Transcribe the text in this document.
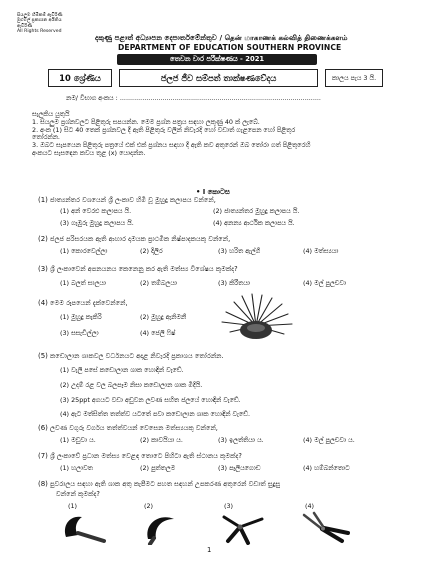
සියලුම හිමිකම් ඇවිරිණි
මුළුමල් ප්‍රකාශන අයිතිය ඇවිරිණි
All Rights Reserved
දකුණු පළාත් අධ්‍යාපන දෙපාර්තමේන්තුව / தென் மாகாணக் கல்வித் திணைக்களம்
DEPARTMENT OF EDUCATION SOUTHERN PROVINCE
තෙවන වාර පරීක්ෂණය - 2021
10 ශ්‍රේණිය	ජලජ ජීව සම්පත් තාක්ෂණවේදය	කාලය පැය 3 යි.
නම/ විභාග අංකය : ...................................................................................................
සැලකිය යුතුයි
1. සියලුම ප්‍රශ්නවලට පිළිතුරු සපයන්න. මෙම ප්‍රශ්න පත්‍රය සඳහා ලකුණු 40 ක් ලැබේ.
2. අංක (1) සිට 40 තෙක් ප්‍රශ්නවල දී ඇති පිළිතුරු වලින් නිවැරදි හෝ වඩාත් ගැළපෙන හෝ පිළිතුර
තෝරන්න.
3. ඔබට සැපයෙන පිළිතුරු පත්‍රයේ එක් එක් ප්‍රශ්නය සඳහා දී ඇති කව අතුරෙන් ඔබ තෝරා ගත් පිළිතුරෙහි
අංකයට සැසඳෙන කවය තුළ (x) යොදන්න.
• I කොටස
(1) ජාත්‍යන්තර වශයෙන් ශ්‍රී ලංකාව හිමි වූ මුහුදු කලාපය වන්නේ,
(1) අන් වෙරළු කලාපය යි.	(2) ජාත්‍යන්තර මුහුදු කලාපය යි.
(3) ගැඹුරු මුහුදු කලාපය යි.	(4) අනන්‍ය ආර්ථික කලාපය යි.
(2) ජලජ පරිසරයක ඇති ආහාර දාමයක ප්‍රාථමික නිෂ්පාදකයකු වන්නේ,
(1) කොරවෙල්ලා	(2) දිලිර	(3) හරිත ඇල්ගී	(4) මත්ස්‍යයා
(3) ශ්‍රී ලංකාවෙන් අපනයනය කෙනෙනු කර ඇති මත්ස්‍ය විශේෂය කුමක්ද?
(1) බලත් සාලයා	(2) තම්බලයා	(3) කිරීතයා	(4) මල් පුලචවා
(4) මෙම රූපයෙන් දැක්වෙන්නේ,
(1) මුහුදු කැකිරි	(2) මුහුදු ඇනිමනී
(3) සසැඩිල්ලා	(4) ජෙලි ෆිෂ්
(5) කඩොලාන ශාකවල වර්ධනයට අදාළ නිවැරදි ප්‍රකාශය තෝරන්න.
(1) වැලි පසේ කඩොලාන ශාක හොඳින් වැඩේ.
(2) උදම් රළ වල බලපෑම නිසා කඩොලාන ශාක මිදියි.
(3) 25ppt අගයට වඩා අඩුවන ලවණ සහිත ජලයේ හොඳින් වැඩේ.
(4) ඇට මත්සිත්ත තත්ත්ව යටතේ පවා කඩොලාන ශාක හොඳින් වැඩේ.
(6) ලවණ වගුරු වර්ගය තත්ත්වයන් වෙසෙන මත්ස්‍යයකු වන්නේ,
(1) මඩුවා ය.	(2) කාවයියා ය.	(3) ඉලත්තියා ය.	(4) මල් පුලචවා ය.
(7) ශ්‍රී ලංකාවේ ප්‍රධාන මත්ස්‍ය වෙළඳ තොටෙ පිහිටා ඇති ස්ථානය කුමක්ද?
(1) හලාවත	(2) පුත්තලම	(3) පෑලියගොඩ	(4) හම්බන්තොට
(8) පුවරාලය සඳහා ඇති ශාක අතු කැපීමට පහත සඳහන් උපකරණ අතුරෙන් වඩාත් සුදුසු
වන්නේ කුමක්ද?
(1)	(2)	(3)	(4)
1
